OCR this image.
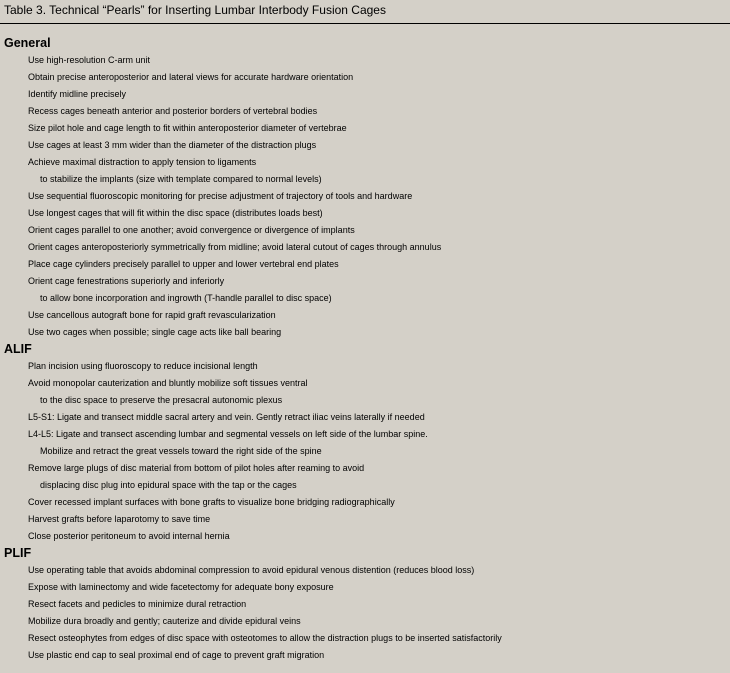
Table 3. Technical “Pearls” for Inserting Lumbar Interbody Fusion Cages
General
Use high-resolution C-arm unit
Obtain precise anteroposterior and lateral views for accurate hardware orientation
Identify midline precisely
Recess cages beneath anterior and posterior borders of vertebral bodies
Size pilot hole and cage length to fit within anteroposterior diameter of vertebrae
Use cages at least 3 mm wider than the diameter of the distraction plugs
Achieve maximal distraction to apply tension to ligaments
to stabilize the implants (size with template compared to normal levels)
Use sequential fluoroscopic monitoring for precise adjustment of trajectory of tools and hardware
Use longest cages that will fit within the disc space (distributes loads best)
Orient cages parallel to one another; avoid convergence or divergence of implants
Orient cages anteroposteriorly symmetrically from midline; avoid lateral cutout of cages through annulus
Place cage cylinders precisely parallel to upper and lower vertebral end plates
Orient cage fenestrations superiorly and inferiorly
to allow bone incorporation and ingrowth (T-handle parallel to disc space)
Use cancellous autograft bone for rapid graft revascularization
Use two cages when possible; single cage acts like ball bearing
ALIF
Plan incision using fluoroscopy to reduce incisional length
Avoid monopolar cauterization and bluntly mobilize soft tissues ventral
to the disc space to preserve the presacral autonomic plexus
L5-S1: Ligate and transect middle sacral artery and vein. Gently retract iliac veins laterally if needed
L4-L5: Ligate and transect ascending lumbar and segmental vessels on left side of the lumbar spine.
Mobilize and retract the great vessels toward the right side of the spine
Remove large plugs of disc material from bottom of pilot holes after reaming to avoid
displacing disc plug into epidural space with the tap or the cages
Cover recessed implant surfaces with bone grafts to visualize bone bridging radiographically
Harvest grafts before laparotomy to save time
Close posterior peritoneum to avoid internal hernia
PLIF
Use operating table that avoids abdominal compression to avoid epidural venous distention (reduces blood loss)
Expose with laminectomy and wide facetectomy for adequate bony exposure
Resect facets and pedicles to minimize dural retraction
Mobilize dura broadly and gently; cauterize and divide epidural veins
Resect osteophytes from edges of disc space with osteotomes to allow the distraction plugs to be inserted satisfactorily
Use plastic end cap to seal proximal end of cage to prevent graft migration
